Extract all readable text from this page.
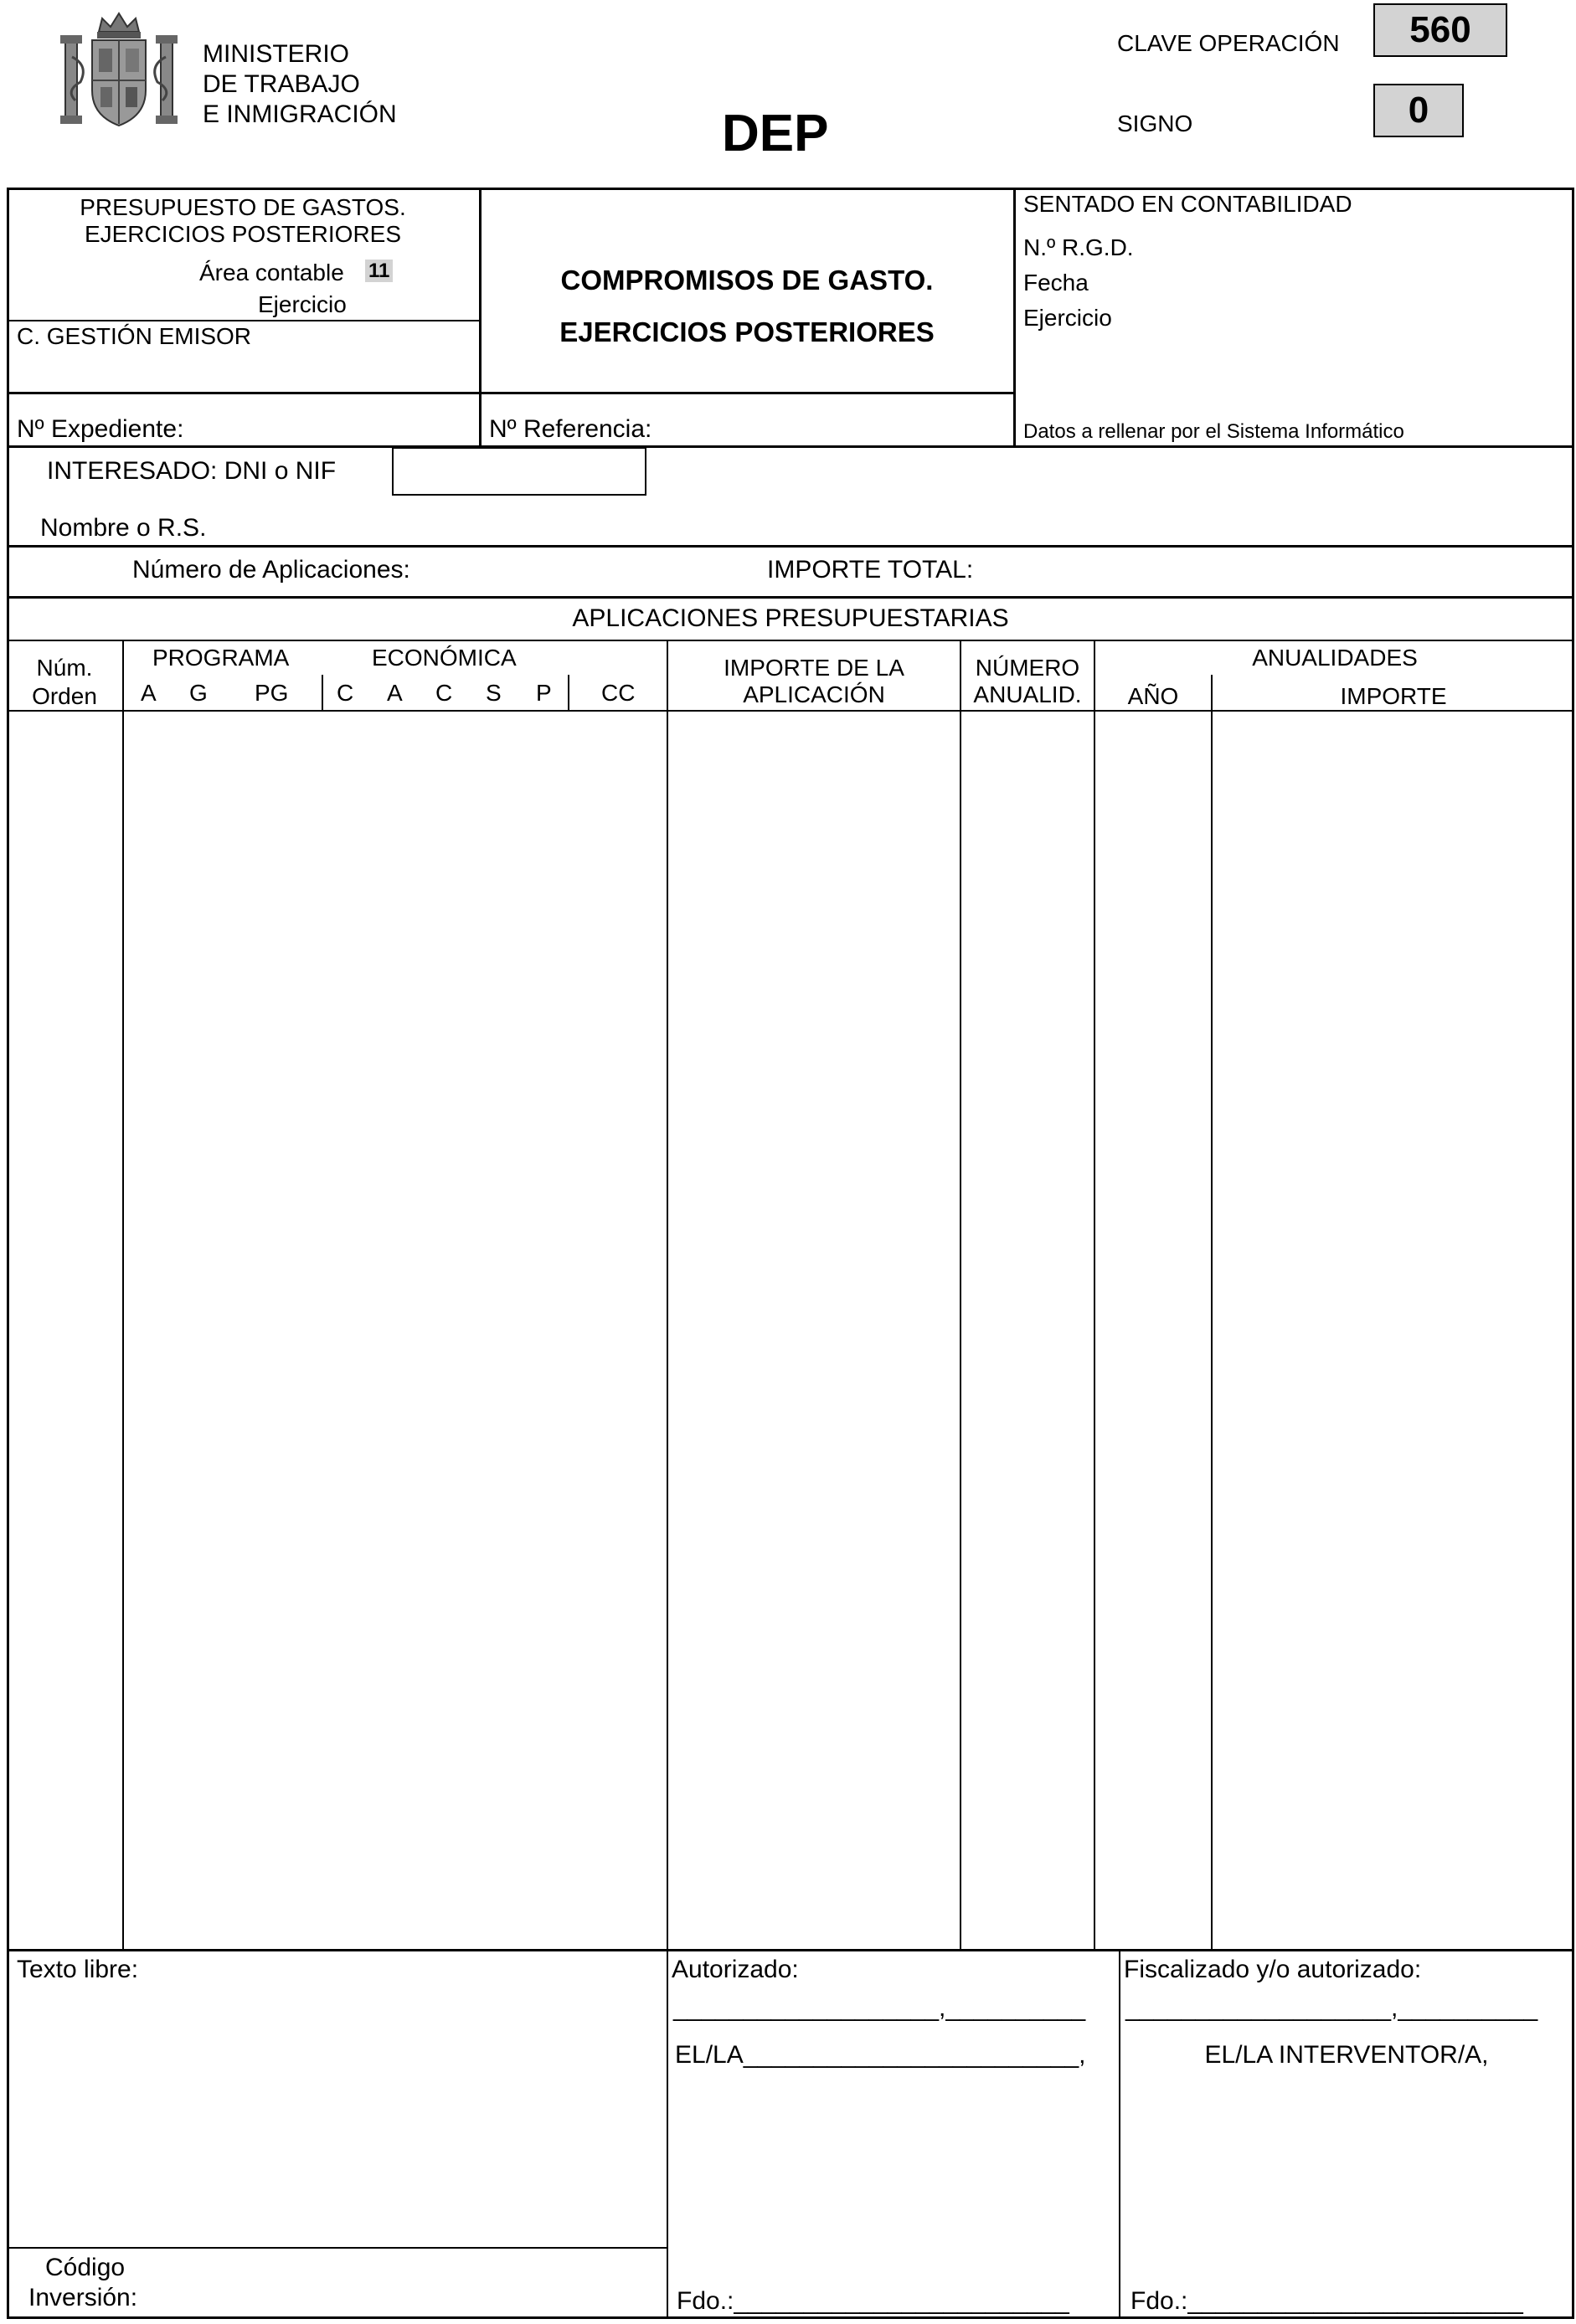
MINISTERIO
DE TRABAJO
E INMIGRACIÓN	DEP
CLAVE OPERACIÓN	560
SIGNO	0
PRESUPUESTO DE GASTOS.
EJERCICIOS POSTERIORES
Área contable 11
Ejercicio
C. GESTIÓN EMISOR
COMPROMISOS DE GASTO.
EJERCICIOS POSTERIORES
SENTADO EN CONTABILIDAD
N.º R.G.D.
Fecha
Ejercicio
Datos a rellenar por el Sistema Informático
Nº Expediente:	Nº Referencia:
INTERESADO: DNI o NIF
Nombre o R.S.
Número de Aplicaciones:	IMPORTE TOTAL:
APLICACIONES PRESUPUESTARIAS
Núm.
Orden
PROGRAMA	ECONÓMICA
A G PG C A C S P CC
IMPORTE DE LA
APLICACIÓN
NÚMERO
ANUALID.
ANUALIDADES
AÑO	IMPORTE
Texto libre:
Código
Inversión:
Autorizado:
___________________,__________
EL/LA________________________,
Fdo.:________________________
Fiscalizado y/o autorizado:
___________________,__________
EL/LA INTERVENTOR/A,
Fdo.:________________________
